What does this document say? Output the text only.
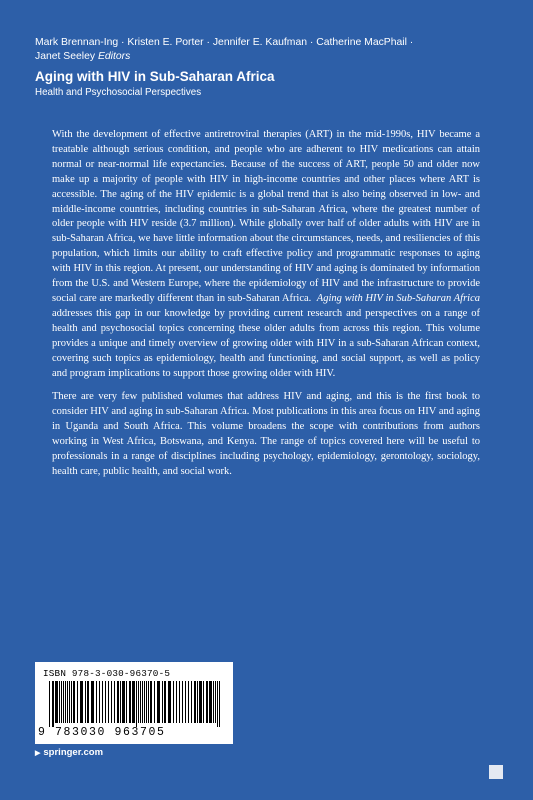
Mark Brennan-Ing · Kristen E. Porter · Jennifer E. Kaufman · Catherine MacPhail ·
Janet Seeley Editors
Aging with HIV in Sub-Saharan Africa
Health and Psychosocial Perspectives

With the development of effective antiretroviral therapies (ART) in the mid-1990s, HIV became a treatable although serious condition, and people who are adherent to HIV medications can attain normal or near-normal life expectancies. Because of the success of ART, people 50 and older now make up a majority of people with HIV in high-income countries and other places where ART is accessible. The aging of the HIV epidemic is a global trend that is also being observed in low- and middle-income countries, including countries in sub-Saharan Africa, where the greatest number of older people with HIV reside (3.7 million). While globally over half of older adults with HIV are in sub-Saharan Africa, we have little information about the circumstances, needs, and resiliencies of this population, which limits our ability to craft effective policy and programmatic responses to aging with HIV in this region. At present, our understanding of HIV and aging is dominated by information from the U.S. and Western Europe, where the epidemiology of HIV and the infrastructure to provide social care are markedly different than in sub-Saharan Africa. Aging with HIV in Sub-Saharan Africa addresses this gap in our knowledge by providing current research and perspectives on a range of health and psychosocial topics concerning these older adults from across this region. This volume provides a unique and timely overview of growing older with HIV in a sub-Saharan African context, covering such topics as epidemiology, health and functioning, and social support, as well as policy and program implications to support those growing older with HIV.

There are very few published volumes that address HIV and aging, and this is the first book to consider HIV and aging in sub-Saharan Africa. Most publications in this area focus on HIV and aging in Uganda and South Africa. This volume broadens the scope with contributions from authors working in West Africa, Botswana, and Kenya. The range of topics covered here will be useful to professionals in a range of disciplines including psychology, epidemiology, gerontology, sociology, health care, public health, and social work.

ISBN 978-3-030-96370-5
9 783030 963705
▶ springer.com
